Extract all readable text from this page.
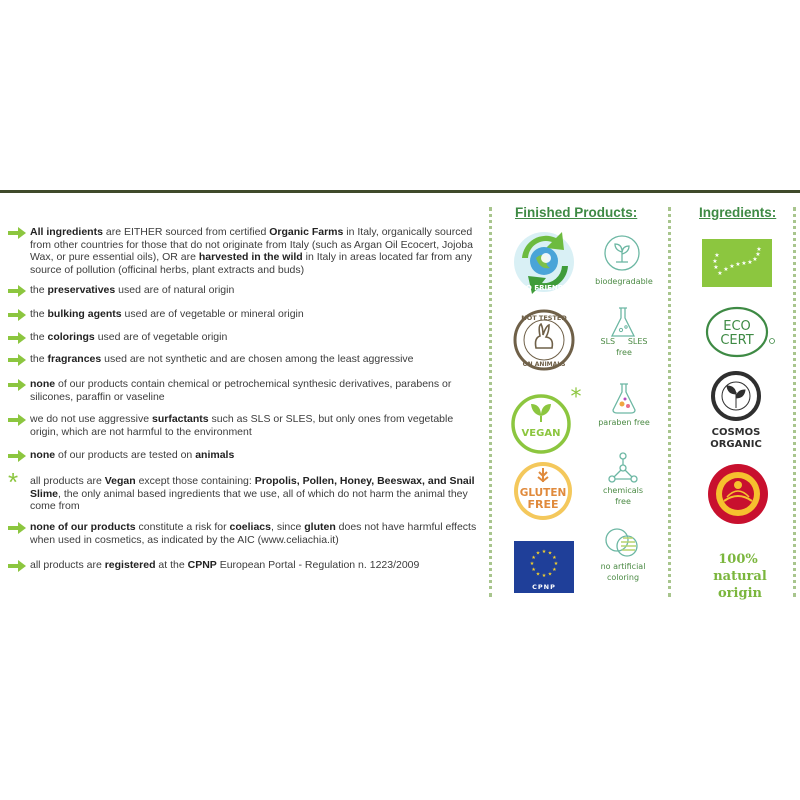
All ingredients are EITHER sourced from certified Organic Farms in Italy, organically sourced from other countries for those that do not originate from Italy (such as Argan Oil Ecocert, Jojoba Wax, or pure essential oils), OR are harvested in the wild in Italy in areas located far from any source of pollution (officinal herbs, plant extracts and buds)
the preservatives used are of natural origin
the bulking agents used are of vegetable or mineral origin
the colorings used are of vegetable origin
the fragrances used are not synthetic and are chosen among the least aggressive
none of our products contain chemical or petrochemical synthesic derivatives, parabens or silicones, paraffin or vaseline
we do not use aggressive surfactants such as SLS or SLES, but only ones from vegetable origin, which are not harmful to the environment
none of our products are tested on animals
* all products are Vegan except those containing: Propolis, Pollen, Honey, Beeswax, and Snail Slime, the only animal based ingredients that we use, all of which do not harm the animal they come from
none of our products constitute a risk for coeliacs, since gluten does not have harmful effects when used in cosmetics, as indicated by the AIC (www.celiachia.it)
all products are registered at the CPNP European Portal - Regulation n. 1223/2009
Finished Products:
ECO FRIENDLY
biodegradable
NOT TESTED
ON ANIMALS
SLS SLES
free
VEGAN
*
paraben free
GLUTEN
FREE
chemicals
free
★ ★
★
★
★
★
★
★
★
★
★
★
CPNP
no artificial
coloring
Ingredients:
★
★ ★ ★ ★ ★ ★
★
★
★
★
★
ECO
CERT
COSMOS
ORGANIC
100%
natural origin
